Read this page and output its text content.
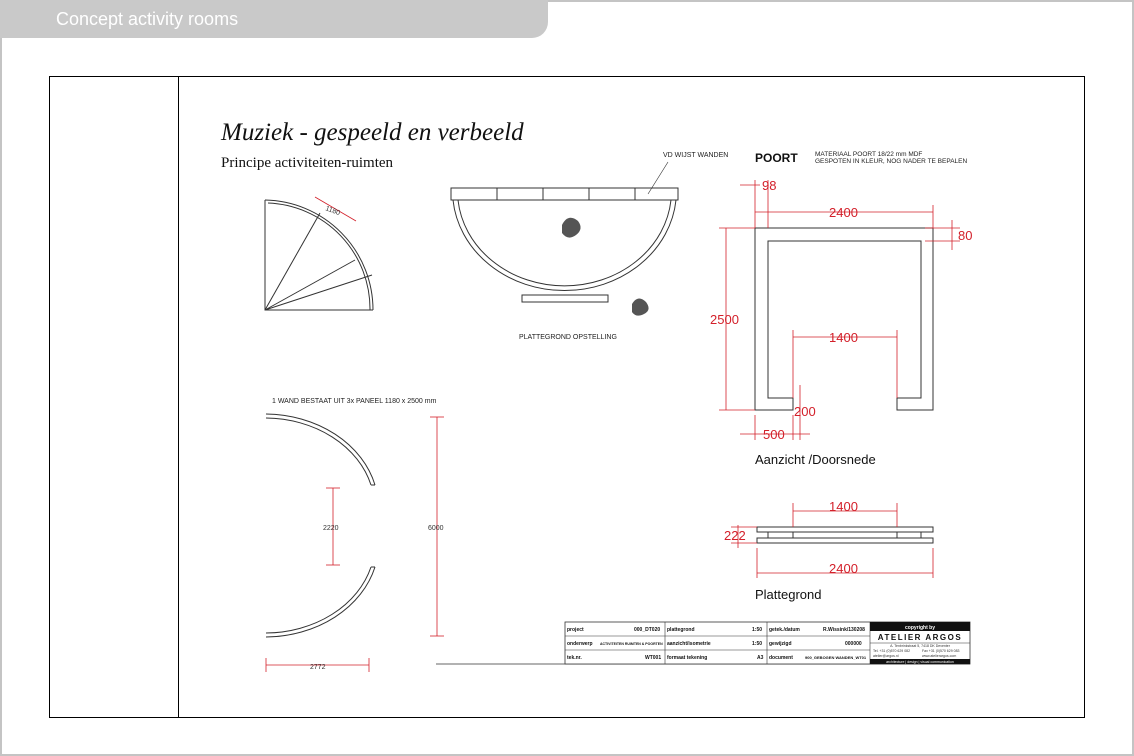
Concept activity rooms
Muziek - gespeeld en verbeeld
Principe activiteiten-ruimten
1180
VD WIJST WANDEN
PLATTEGROND OPSTELLING
1 WAND BESTAAT UIT 3x PANEEL 1180 x 2500 mm
2220	6000
2772
POORT	MATERIAAL POORT 18/22 mm MDF
GESPOTEN IN KLEUR, NOG NADER TE BEPALEN
98
2400
80
2500
1400
200
500
Aanzicht /Doorsnede
1400
222
2400
Plattegrond
project	000_DT020 plattegrond	1:50 getek./datum	R.Wissink/130208
onderwerp ACTIVITEITEN RUIMTEN & POORTEN aanzicht/isometrie	1:50 gewijzigd	000000
tek.nr.	WT001 formaat tekening	A3 document	900_GEBOGEN WANDEN_WT01
copyright by
ATELIER ARGOS
A. Tenbrinkstraat 5, 7418 DK Deventer
Tel. +31 (0)570 629 082	Fax +31 (0)570 629 083
atelier@argos.nl	www.atelierargos.com
architecture | design | visual communication
